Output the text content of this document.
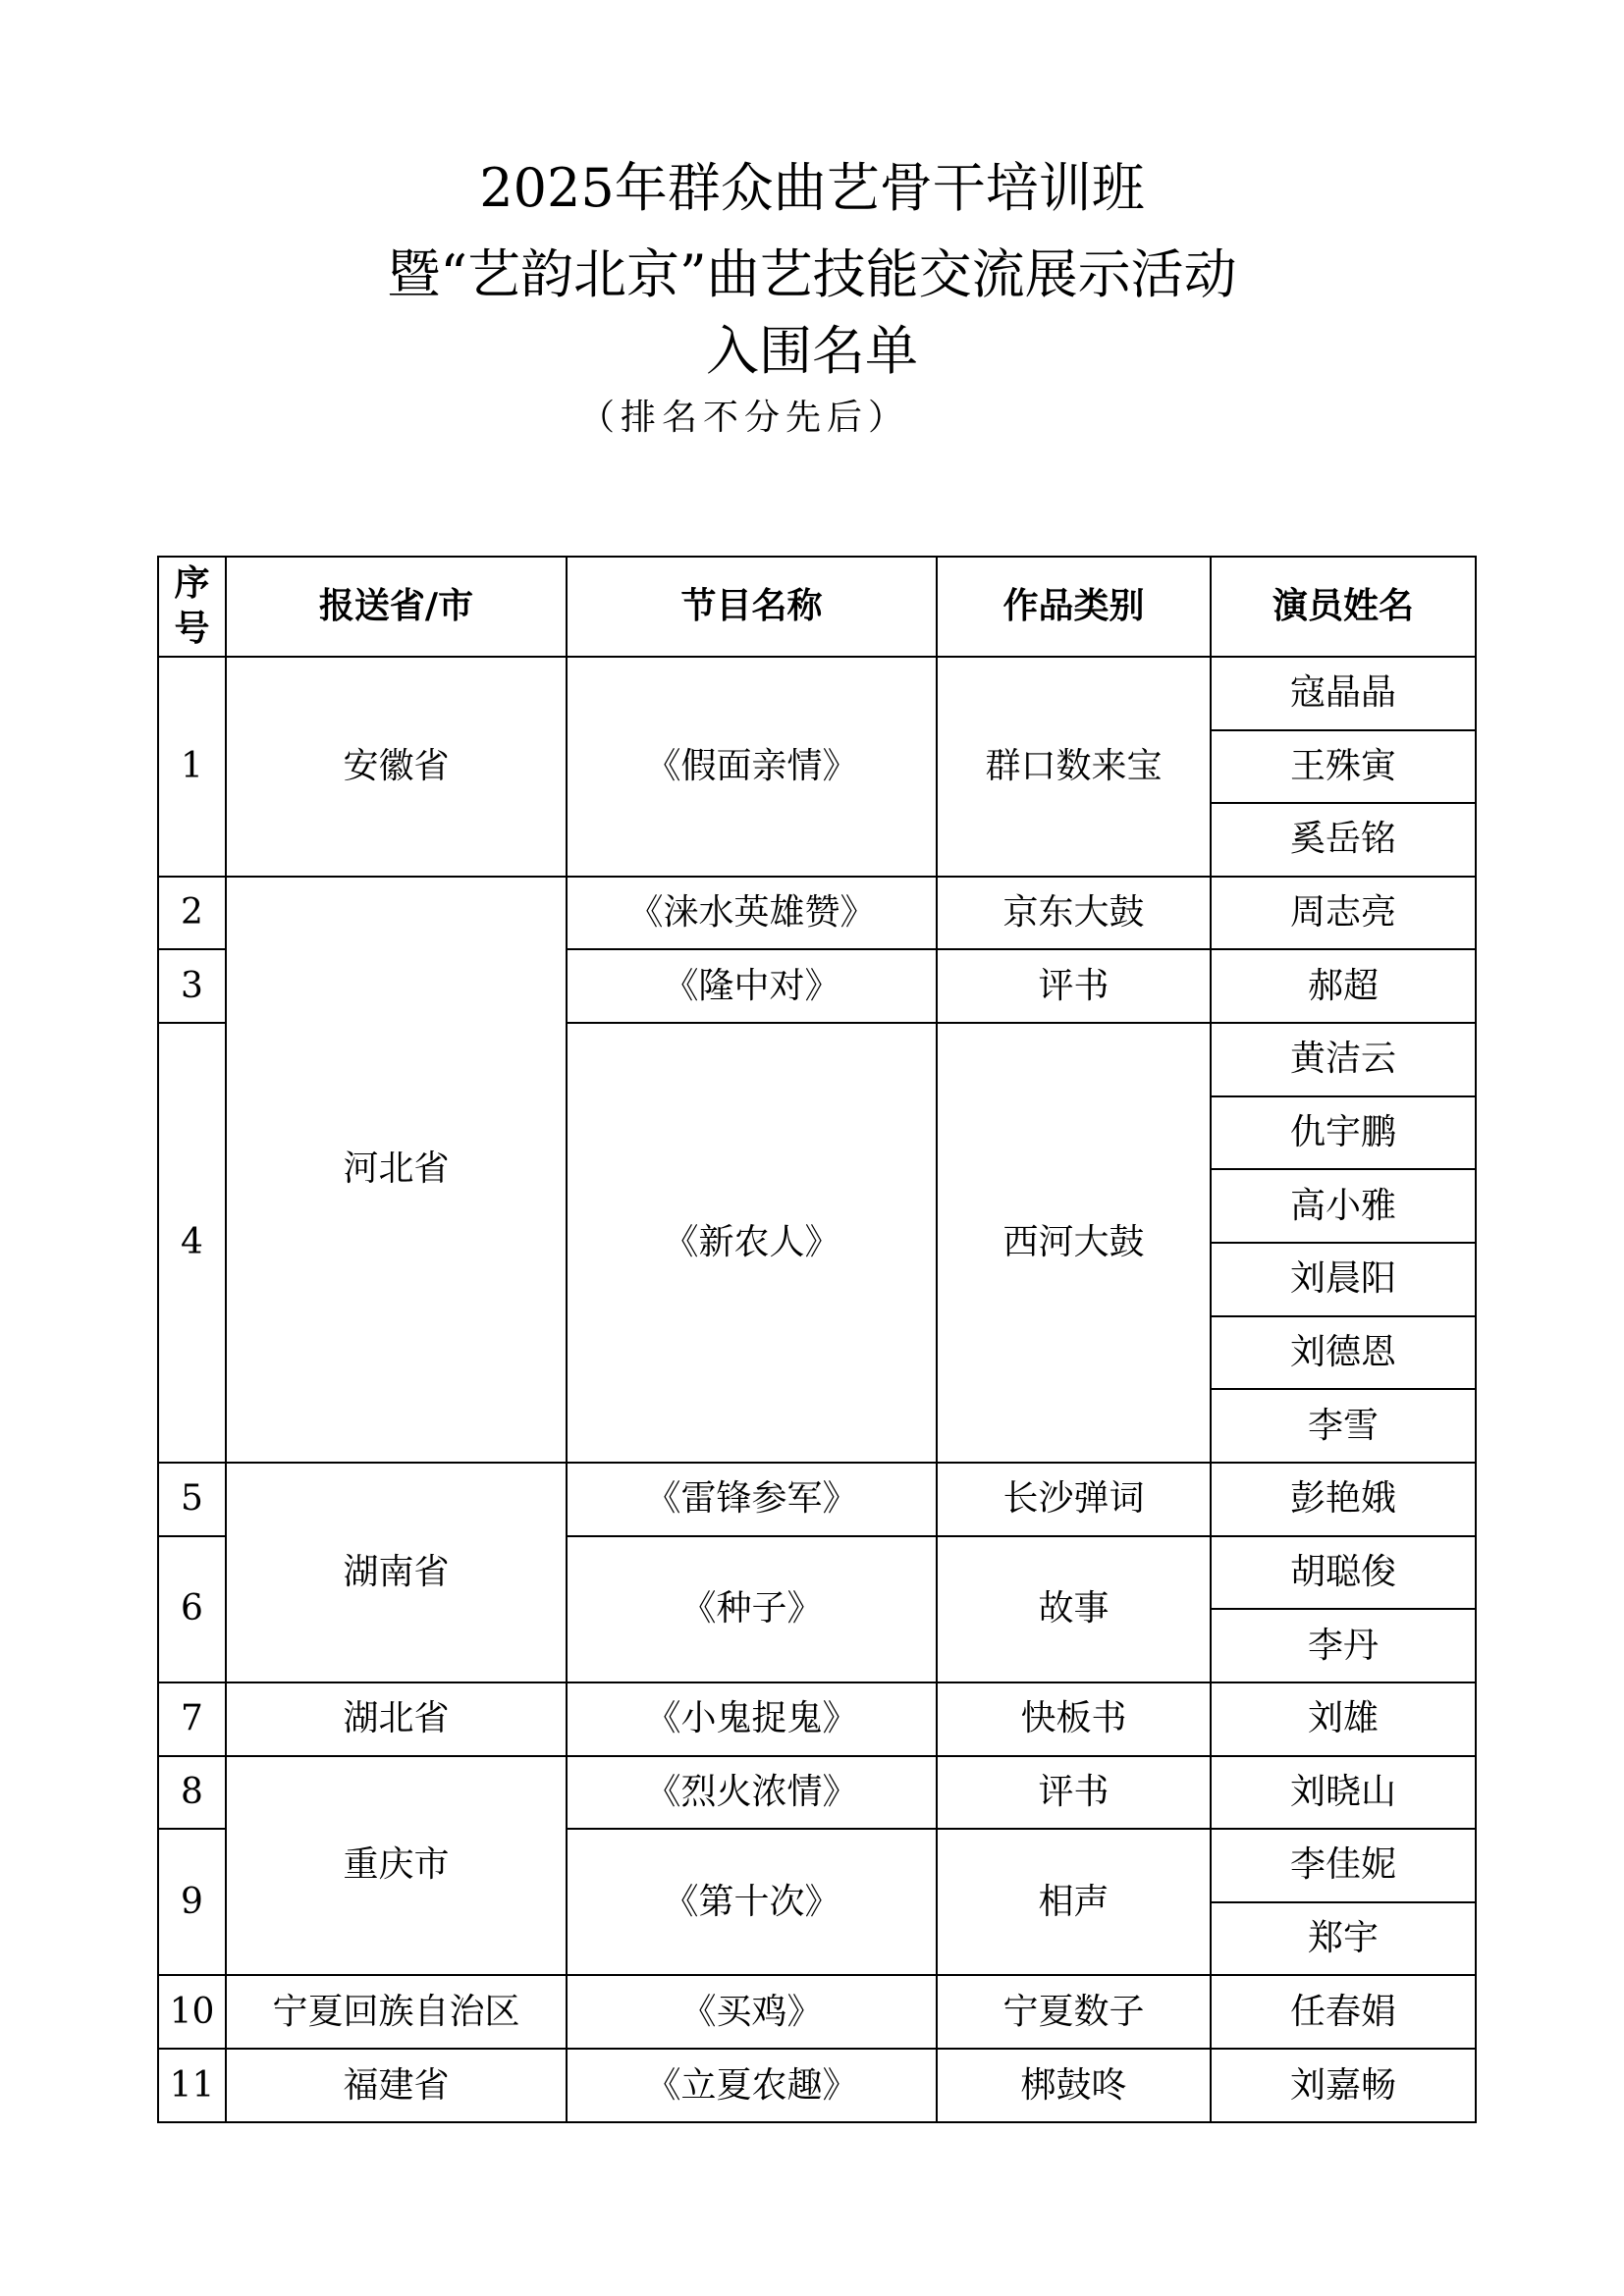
2025年群众曲艺骨干培训班
暨“艺韵北京”曲艺技能交流展示活动
入围名单
（排名不分先后）
序
号	报送省/市	节目名称	作品类别	演员姓名
1	安徽省	《假面亲情》	群口数来宝	寇晶晶
				王殊寅
				奚岳铭
2	河北省	《涞水英雄赞》	京东大鼓	周志亮
3		《隆中对》	评书	郝超
4		《新农人》	西河大鼓	黄洁云
				仇宇鹏
				高小雅
				刘晨阳
				刘德恩
				李雪
5	湖南省	《雷锋参军》	长沙弹词	彭艳娥
6		《种子》	故事	胡聪俊
				李丹
7	湖北省	《小鬼捉鬼》	快板书	刘雄
8	重庆市	《烈火浓情》	评书	刘晓山
9		《第十次》	相声	李佳妮
				郑宇
10	宁夏回族自治区	《买鸡》	宁夏数子	任春娟
11	福建省	《立夏农趣》	梆鼓咚	刘嘉畅
